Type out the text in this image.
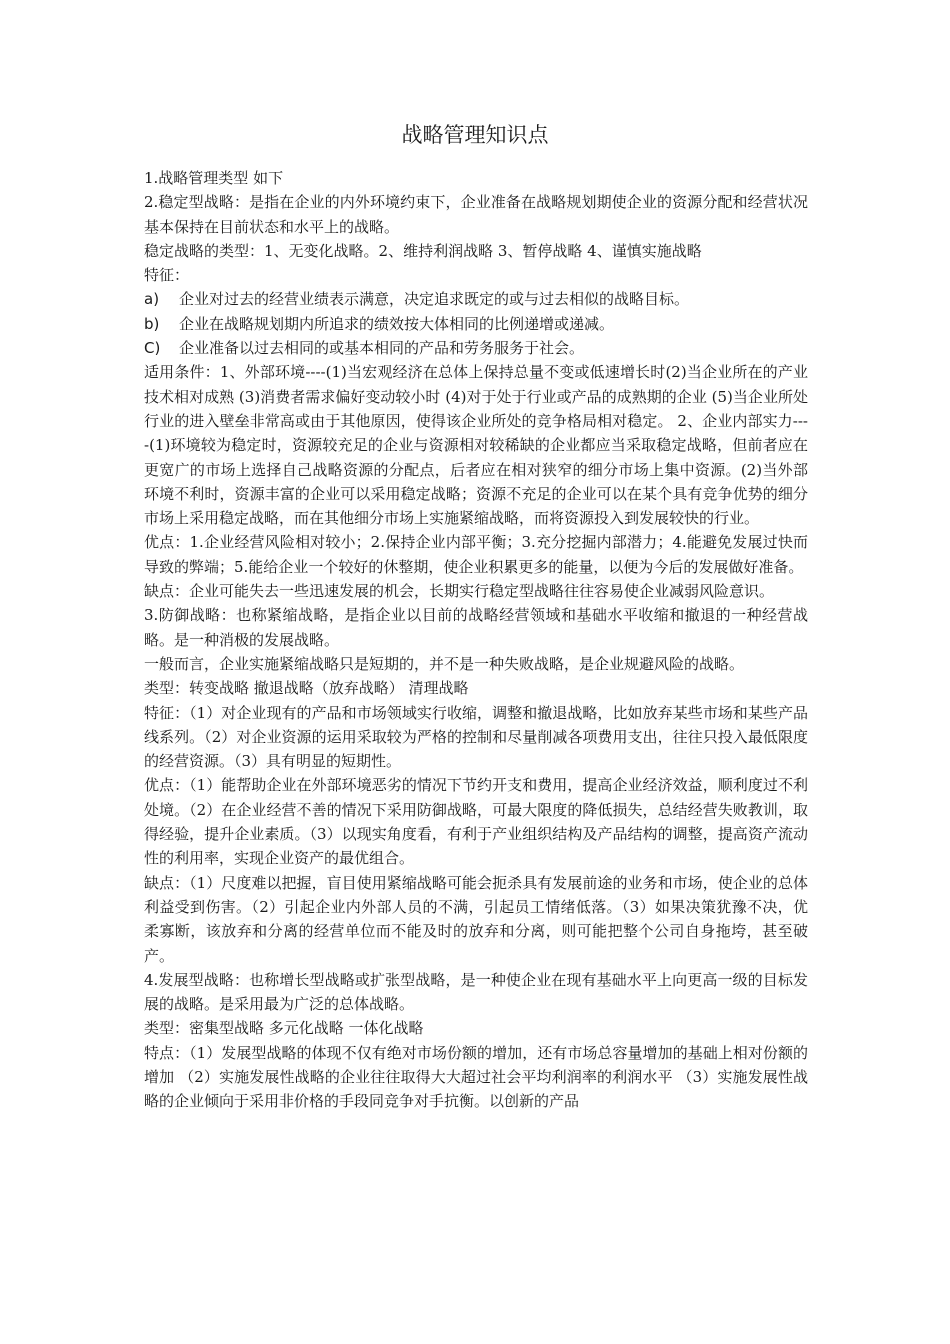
战略管理知识点

1.战略管理类型 如下

2.稳定型战略：是指在企业的内外环境约束下，企业准备在战略规划期使企业的资源分配和经营状况基本保持在目前状态和水平上的战略。

稳定战略的类型：1、无变化战略。2、维持利润战略 3、暂停战略 4、谨慎实施战略

特征：

a) 企业对过去的经营业绩表示满意，决定追求既定的或与过去相似的战略目标。

b) 企业在战略规划期内所追求的绩效按大体相同的比例递增或递减。

C) 企业准备以过去相同的或基本相同的产品和劳务服务于社会。

适用条件：1、外部环境----(1)当宏观经济在总体上保持总量不变或低速增长时(2)当企业所在的产业技术相对成熟 (3)消费者需求偏好变动较小时 (4)对于处于行业或产品的成熟期的企业 (5)当企业所处行业的进入壁垒非常高或由于其他原因，使得该企业所处的竞争格局相对稳定。 2、企业内部实力----(1)环境较为稳定时，资源较充足的企业与资源相对较稀缺的企业都应当采取稳定战略，但前者应在更宽广的市场上选择自己战略资源的分配点，后者应在相对狭窄的细分市场上集中资源。(2)当外部环境不利时，资源丰富的企业可以采用稳定战略；资源不充足的企业可以在某个具有竞争优势的细分市场上采用稳定战略，而在其他细分市场上实施紧缩战略，而将资源投入到发展较快的行业。

优点：1.企业经营风险相对较小；2.保持企业内部平衡；3.充分挖掘内部潜力；4.能避免发展过快而导致的弊端；5.能给企业一个较好的休整期，使企业积累更多的能量，以便为今后的发展做好准备。

缺点：企业可能失去一些迅速发展的机会，长期实行稳定型战略往往容易使企业减弱风险意识。

3.防御战略：也称紧缩战略，是指企业以目前的战略经营领域和基础水平收缩和撤退的一种经营战略。是一种消极的发展战略。

一般而言，企业实施紧缩战略只是短期的，并不是一种失败战略，是企业规避风险的战略。

类型：转变战略 撤退战略（放弃战略） 清理战略

特征：（1）对企业现有的产品和市场领域实行收缩，调整和撤退战略，比如放弃某些市场和某些产品线系列。（2）对企业资源的运用采取较为严格的控制和尽量削减各项费用支出，往往只投入最低限度的经营资源。（3）具有明显的短期性。

优点：（1）能帮助企业在外部环境恶劣的情况下节约开支和费用，提高企业经济效益，顺利度过不利处境。（2）在企业经营不善的情况下采用防御战略，可最大限度的降低损失，总结经营失败教训，取得经验，提升企业素质。（3）以现实角度看，有利于产业组织结构及产品结构的调整，提高资产流动性的利用率，实现企业资产的最优组合。

缺点：（1）尺度难以把握，盲目使用紧缩战略可能会扼杀具有发展前途的业务和市场，使企业的总体利益受到伤害。（2）引起企业内外部人员的不满，引起员工情绪低落。（3）如果决策犹豫不决，优柔寡断，该放弃和分离的经营单位而不能及时的放弃和分离，则可能把整个公司自身拖垮，甚至破产。

4.发展型战略：也称增长型战略或扩张型战略，是一种使企业在现有基础水平上向更高一级的目标发展的战略。是采用最为广泛的总体战略。

类型：密集型战略 多元化战略 一体化战略

特点：（1）发展型战略的体现不仅有绝对市场份额的增加，还有市场总容量增加的基础上相对份额的增加 （2）实施发展性战略的企业往往取得大大超过社会平均利润率的利润水平 （3）实施发展性战略的企业倾向于采用非价格的手段同竞争对手抗衡。以创新的产品
